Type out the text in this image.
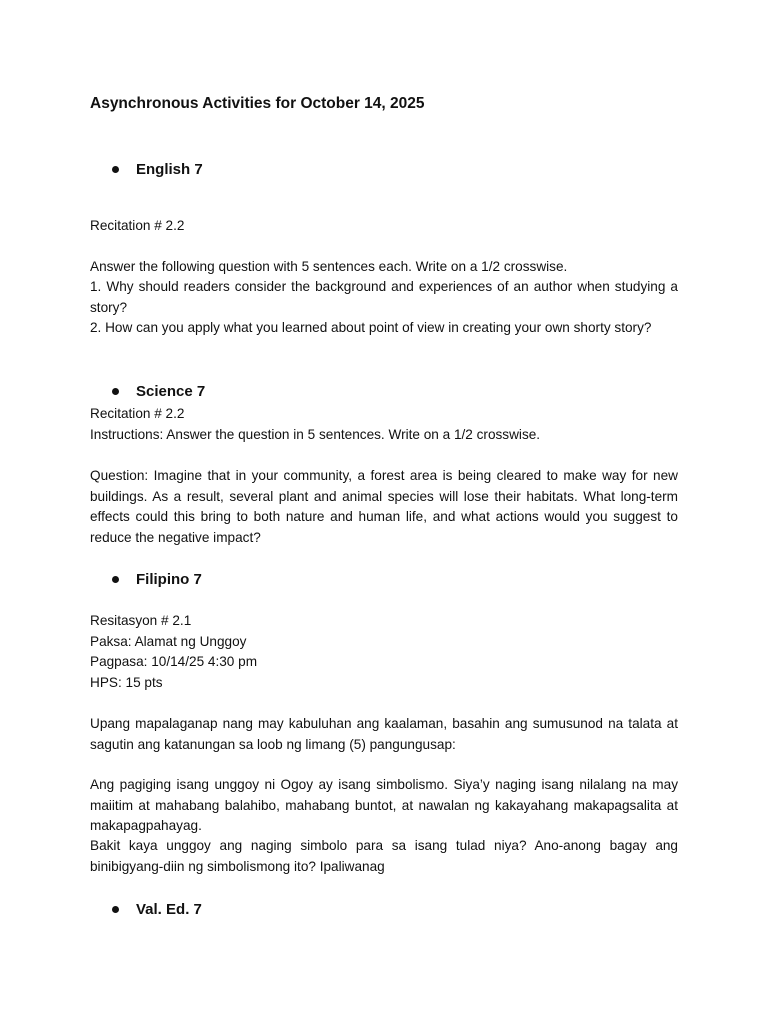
Asynchronous Activities for October 14, 2025

English 7

Recitation # 2.2

Answer the following question with 5 sentences each. Write on a 1/2 crosswise.

1. Why should readers consider the background and experiences of an author when studying a story?

2. How can you apply what you learned about point of view in creating your own shorty story?

Science 7

Recitation # 2.2

Instructions: Answer the question in 5 sentences. Write on a 1/2 crosswise.

Question: Imagine that in your community, a forest area is being cleared to make way for new buildings. As a result, several plant and animal species will lose their habitats. What long-term effects could this bring to both nature and human life, and what actions would you suggest to reduce the negative impact?

Filipino 7

Resitasyon # 2.1

Paksa: Alamat ng Unggoy

Pagpasa: 10/14/25 4:30 pm

HPS: 15 pts

Upang mapalaganap nang may kabuluhan ang kaalaman, basahin ang sumusunod na talata at sagutin ang katanungan sa loob ng limang (5) pangungusap:

Ang pagiging isang unggoy ni Ogoy ay isang simbolismo. Siya’y naging isang nilalang na may maiitim at mahabang balahibo, mahabang buntot, at nawalan ng kakayahang makapagsalita at makapagpahayag.

Bakit kaya unggoy ang naging simbolo para sa isang tulad niya? Ano-anong bagay ang binibigyang-diin ng simbolismong ito? Ipaliwanag

Val. Ed. 7
